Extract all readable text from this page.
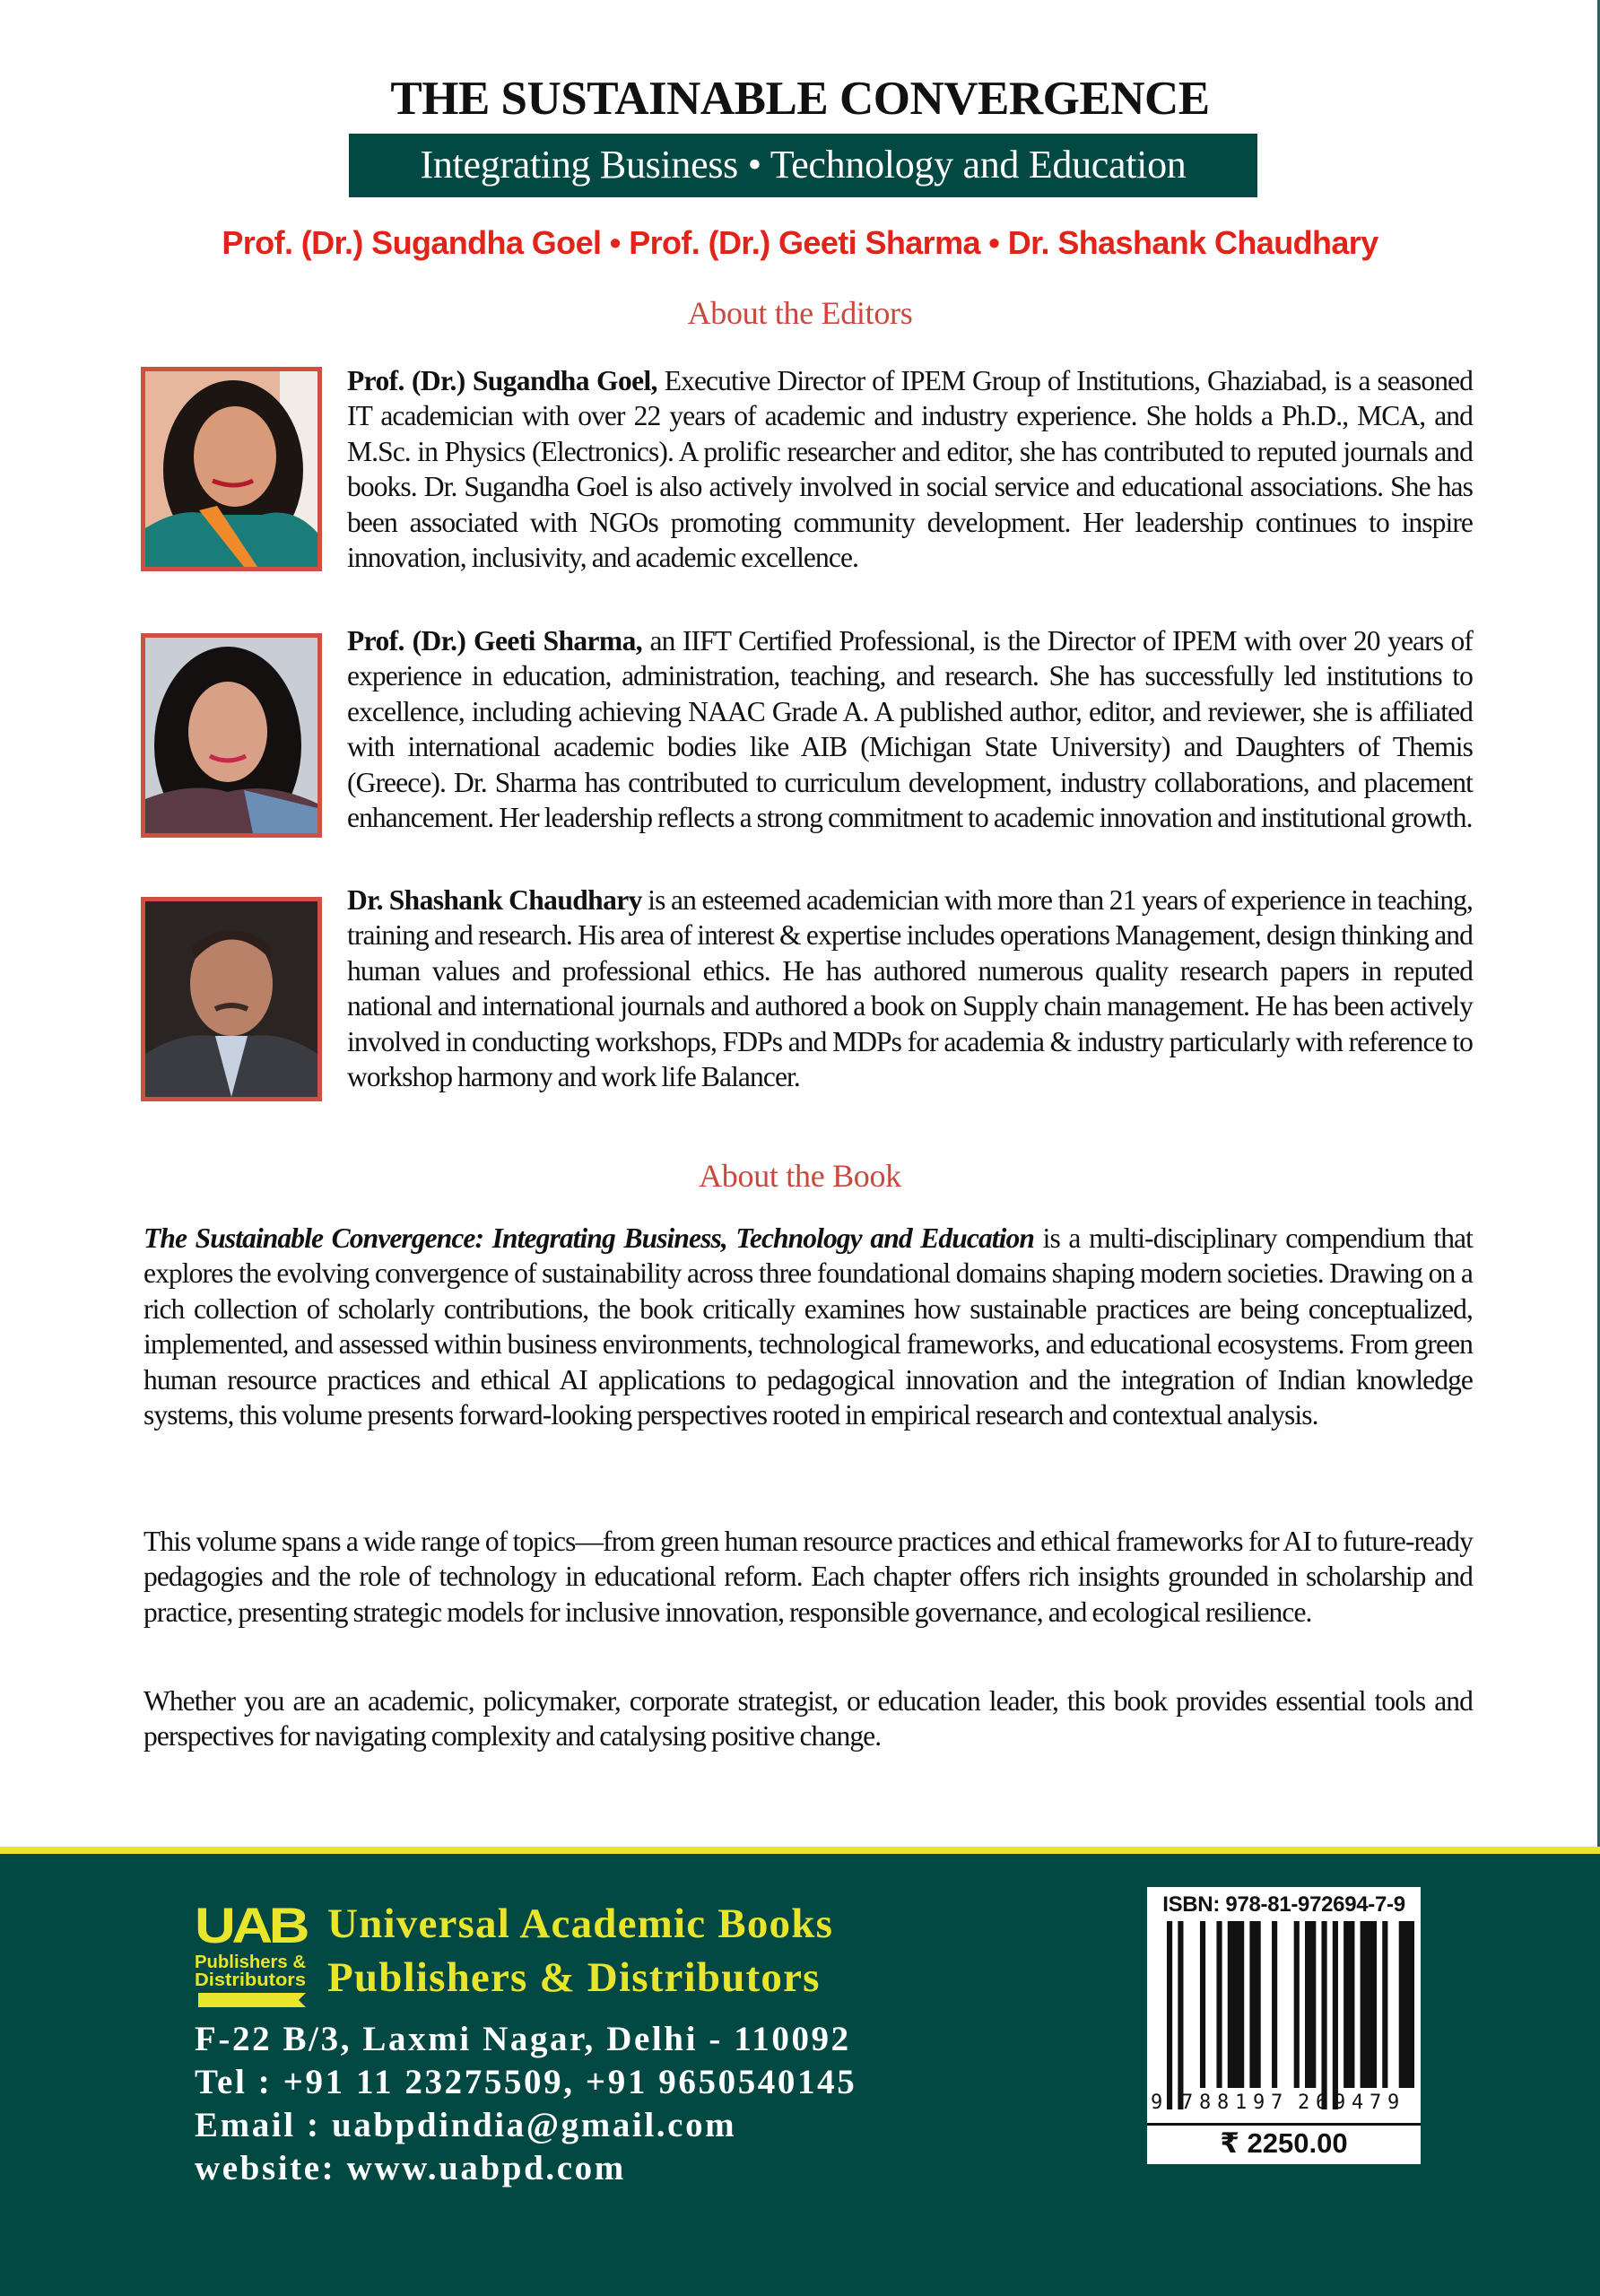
THE SUSTAINABLE CONVERGENCE
Integrating Business • Technology and Education
Prof. (Dr.) Sugandha Goel • Prof. (Dr.) Geeti Sharma • Dr. Shashank Chaudhary
About the Editors
Prof. (Dr.) Sugandha Goel, Executive Director of IPEM Group of Institutions, Ghaziabad, is a seasoned IT academician with over 22 years of academic and industry experience. She holds a Ph.D., MCA, and M.Sc. in Physics (Electronics). A prolific researcher and editor, she has contributed to reputed journals and books. Dr. Sugandha Goel is also actively involved in social service and educational associations. She has been associated with NGOs promoting community development. Her leadership continues to inspire innovation, inclusivity, and academic excellence.
Prof. (Dr.) Geeti Sharma, an IIFT Certified Professional, is the Director of IPEM with over 20 years of experience in education, administration, teaching, and research. She has successfully led institutions to excellence, including achieving NAAC Grade A. A published author, editor, and reviewer, she is affiliated with international academic bodies like AIB (Michigan State University) and Daughters of Themis (Greece). Dr. Sharma has contributed to curriculum development, industry collaborations, and placement enhancement. Her leadership reflects a strong commitment to academic innovation and institutional growth.
Dr. Shashank Chaudhary is an esteemed academician with more than 21 years of experience in teaching, training and research. His area of interest & expertise includes operations Management, design thinking and human values and professional ethics. He has authored numerous quality research papers in reputed national and international journals and authored a book on Supply chain management. He has been actively involved in conducting workshops, FDPs and MDPs for academia & industry particularly with reference to workshop harmony and work life Balancer.
About the Book
The Sustainable Convergence: Integrating Business, Technology and Education is a multi-disciplinary compendium that explores the evolving convergence of sustainability across three foundational domains shaping modern societies. Drawing on a rich collection of scholarly contributions, the book critically examines how sustainable practices are being conceptualized, implemented, and assessed within business environments, technological frameworks, and educational ecosystems. From green human resource practices and ethical AI applications to pedagogical innovation and the integration of Indian knowledge systems, this volume presents forward-looking perspectives rooted in empirical research and contextual analysis.
This volume spans a wide range of topics—from green human resource practices and ethical frameworks for AI to future-ready pedagogies and the role of technology in educational reform. Each chapter offers rich insights grounded in scholarship and practice, presenting strategic models for inclusive innovation, responsible governance, and ecological resilience.
Whether you are an academic, policymaker, corporate strategist, or education leader, this book provides essential tools and perspectives for navigating complexity and catalysing positive change.
UAB
Publishers &
Distributors
Universal Academic Books
Publishers & Distributors
F-22 B/3, Laxmi Nagar, Delhi - 110092
Tel : +91 11 23275509, +91 9650540145
Email : uabpdindia@gmail.com
website: www.uabpd.com
ISBN: 978-81-972694-7-9
9 7 8 8 1 9 7 2 6 9 4 7 9
₹ 2250.00
